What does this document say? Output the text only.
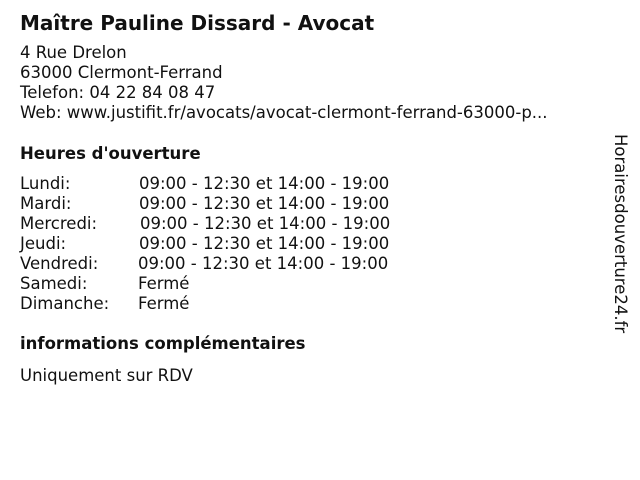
Maître Pauline Dissard - Avocat
4 Rue Drelon
63000 Clermont-Ferrand
Telefon: 04 22 84 08 47
Web: www.justifit.fr/avocats/avocat-clermont-ferrand-63000-p...
Heures d'ouverture
Lundi:	09:00 - 12:30 et 14:00 - 19:00
Mardi:	09:00 - 12:30 et 14:00 - 19:00
Mercredi:	09:00 - 12:30 et 14:00 - 19:00
Jeudi:	09:00 - 12:30 et 14:00 - 19:00
Vendredi: 09:00 - 12:30 et 14:00 - 19:00
Samedi:	Fermé
Dimanche: Fermé
informations complémentaires
Uniquement sur RDV
Horairesdouverture24.fr
